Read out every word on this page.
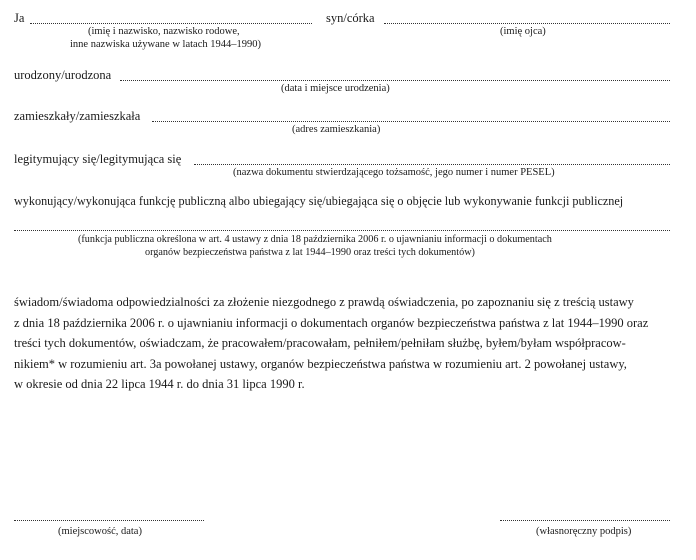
Ja	syn/córka
(imię i nazwisko, nazwisko rodowe,
inne nazwiska używane w latach 1944–1990)
(imię ojca)
urodzony/urodzona
(data i miejsce urodzenia)
zamieszkały/zamieszkała
(adres zamieszkania)
legitymujący się/legitymująca się
(nazwa dokumentu stwierdzającego tożsamość, jego numer i numer PESEL)
wykonujący/wykonująca funkcję publiczną albo ubiegający się/ubiegająca się o objęcie lub wykonywanie funkcji publicznej
(funkcja publiczna określona w art. 4 ustawy z dnia 18 października 2006 r. o ujawnianiu informacji o dokumentach
organów bezpieczeństwa państwa z lat 1944–1990 oraz treści tych dokumentów)
świadom/świadoma odpowiedzialności za złożenie niezgodnego z prawdą oświadczenia, po zapoznaniu się z treścią ustawy
z dnia 18 października 2006 r. o ujawnianiu informacji o dokumentach organów bezpieczeństwa państwa z lat 1944–1990 oraz
treści tych dokumentów, oświadczam, że pracowałem/pracowałam, pełniłem/pełniłam służbę, byłem/byłam współpracow-
nikiem* w rozumieniu art. 3a powołanej ustawy, organów bezpieczeństwa państwa w rozumieniu art. 2 powołanej ustawy,
w okresie od dnia 22 lipca 1944 r. do dnia 31 lipca 1990 r.
(miejscowość, data)	(własnoręczny podpis)
